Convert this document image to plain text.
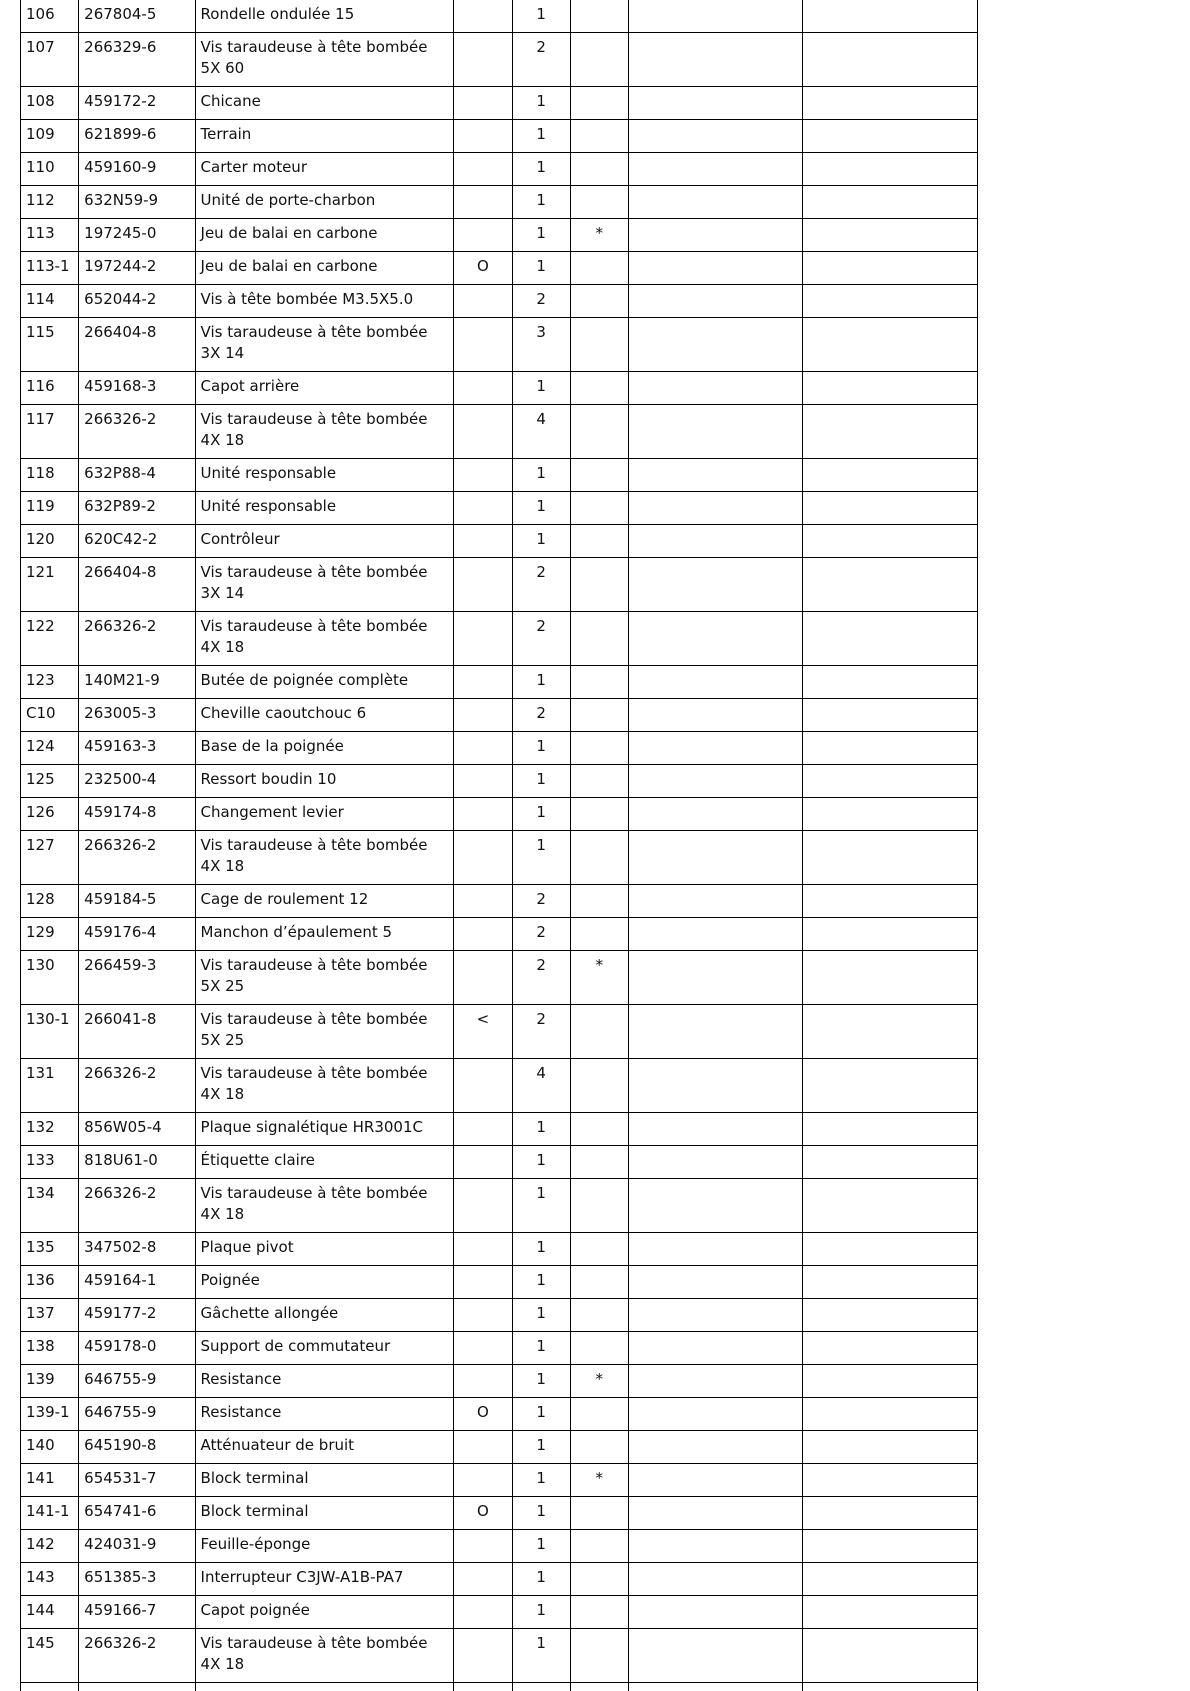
106	267804-5	Rondelle ondulée 15		1			
107	266329-6	Vis taraudeuse à tête bombée 5X 60		2			
108	459172-2	Chicane		1			
109	621899-6	Terrain		1			
110	459160-9	Carter moteur		1			
112	632N59-9	Unité de porte-charbon		1			
113	197245-0	Jeu de balai en carbone		1	*		
113-1	197244-2	Jeu de balai en carbone	O	1			
114	652044-2	Vis à tête bombée M3.5X5.0		2			
115	266404-8	Vis taraudeuse à tête bombée 3X 14		3			
116	459168-3	Capot arrière		1			
117	266326-2	Vis taraudeuse à tête bombée 4X 18		4			
118	632P88-4	Unité responsable		1			
119	632P89-2	Unité responsable		1			
120	620C42-2	Contrôleur		1			
121	266404-8	Vis taraudeuse à tête bombée 3X 14		2			
122	266326-2	Vis taraudeuse à tête bombée 4X 18		2			
123	140M21-9	Butée de poignée complète		1			
C10	263005-3	Cheville caoutchouc 6		2			
124	459163-3	Base de la poignée		1			
125	232500-4	Ressort boudin 10		1			
126	459174-8	Changement levier		1			
127	266326-2	Vis taraudeuse à tête bombée 4X 18		1			
128	459184-5	Cage de roulement 12		2			
129	459176-4	Manchon d’épaulement 5		2			
130	266459-3	Vis taraudeuse à tête bombée 5X 25		2	*		
130-1	266041-8	Vis taraudeuse à tête bombée 5X 25	<	2			
131	266326-2	Vis taraudeuse à tête bombée 4X 18		4			
132	856W05-4	Plaque signalétique HR3001C		1			
133	818U61-0	Étiquette claire		1			
134	266326-2	Vis taraudeuse à tête bombée 4X 18		1			
135	347502-8	Plaque pivot		1			
136	459164-1	Poignée		1			
137	459177-2	Gâchette allongée		1			
138	459178-0	Support de commutateur		1			
139	646755-9	Resistance		1	*		
139-1	646755-9	Resistance	O	1			
140	645190-8	Atténuateur de bruit		1			
141	654531-7	Block terminal		1	*		
141-1	654741-6	Block terminal	O	1			
142	424031-9	Feuille-éponge		1			
143	651385-3	Interrupteur C3JW-A1B-PA7		1			
144	459166-7	Capot poignée		1			
145	266326-2	Vis taraudeuse à tête bombée 4X 18		1			
